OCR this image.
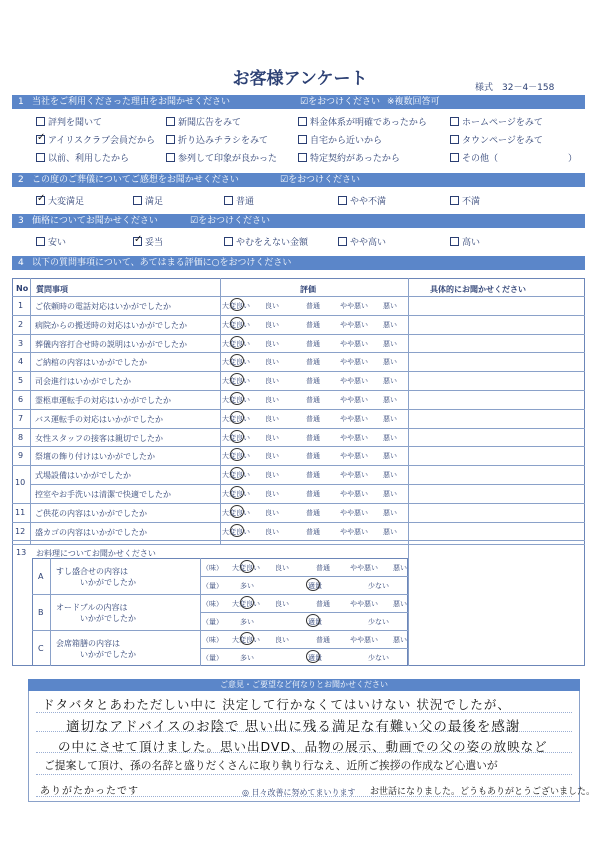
お客様アンケート	様式　32－4－158
1 当社をご利用くださった理由をお聞かせください	☑をおつけください ※複数回答可
評判を聞いて	新聞広告をみて	料金体系が明確であったから	ホームページをみて
✓アイリスクラブ会員だから	折り込みチラシをみて	自宅から近いから	タウンページをみて
以前、利用したから	参列して印象が良かった	特定契約があったから	その他（	）
2 この度のご葬儀についてご感想をお聞かせください	☑をおつけください
✓大変満足	満足	普通	やや不満	不満
3 価格についてお聞かせください	☑をおつけください
安い
✓	妥当	やむをえない金額	やや高い	高い
4 以下の質問事項について、あてはまる評価に○をおつけください
No 質問事項	評価	具体的にお聞かせください
1 ご依頼時の電話対応はいかがでしたか	大変良い 良い	普通	やや悪い 悪い
2 病院からの搬送時の対応はいかがでしたか	大変良い 良い	普通	やや悪い 悪い
3 葬儀内容打合せ時の説明はいかがでしたか	大変良い 良い	普通	やや悪い 悪い
4 ご納棺の内容はいかがでしたか	大変良い 良い	普通	やや悪い 悪い
5 司会進行はいかがでしたか	大変良い 良い	普通	やや悪い 悪い
6 霊柩車運転手の対応はいかがでしたか	大変良い 良い	普通	やや悪い 悪い
7 バス運転手の対応はいかがでしたか	大変良い 良い	普通	やや悪い 悪い
8 女性スタッフの接客は親切でしたか	大変良い 良い	普通	やや悪い 悪い
9 祭壇の飾り付けはいかがでしたか	大変良い 良い	普通	やや悪い 悪い
10
式場設備はいかがでしたか	大変良い 良い	普通	やや悪い 悪い
控室やお手洗いは清潔で快適でしたか	大変良い 良い	普通	やや悪い 悪い
11 ご供花の内容はいかがでしたか	大変良い 良い	普通	やや悪い 悪い
12 盛カゴの内容はいかがでしたか	大変良い 良い	普通	やや悪い 悪い
13 お料理についてお聞かせください
A
すし盛合せの内容は
いかがでしたか
（味）
（量）
大変良い 良い	普通	やや悪い 悪い
多い	適量	少ない
B
オードブルの内容は
いかがでしたか
（味）
（量）
大変良い 良い	普通	やや悪い 悪い
多い	適量	少ない
C
会席箱膳の内容は
いかがでしたか
（味）
（量）
大変良い 良い	普通	やや悪い 悪い
多い	適量	少ない
ご意見・ご要望など何なりとお聞かせください
ドタバタとあわただしい中に 決定して行かなくてはいけない 状況でしたが、
適切なアドバイスのお陰で 思い出に残る満足な有難い父の最後を感謝
の中にさせて頂けました。思い出DVD、品物の展示、動画での父の姿の放映など
ご提案して頂け、孫の名辞と盛りだくさんに取り執り行なえ、近所ご挨拶の作成など心遣いが
ありがたかったです	◎ 日々改善に努めてまいります お世話になりました。どうもありがとうございました。
